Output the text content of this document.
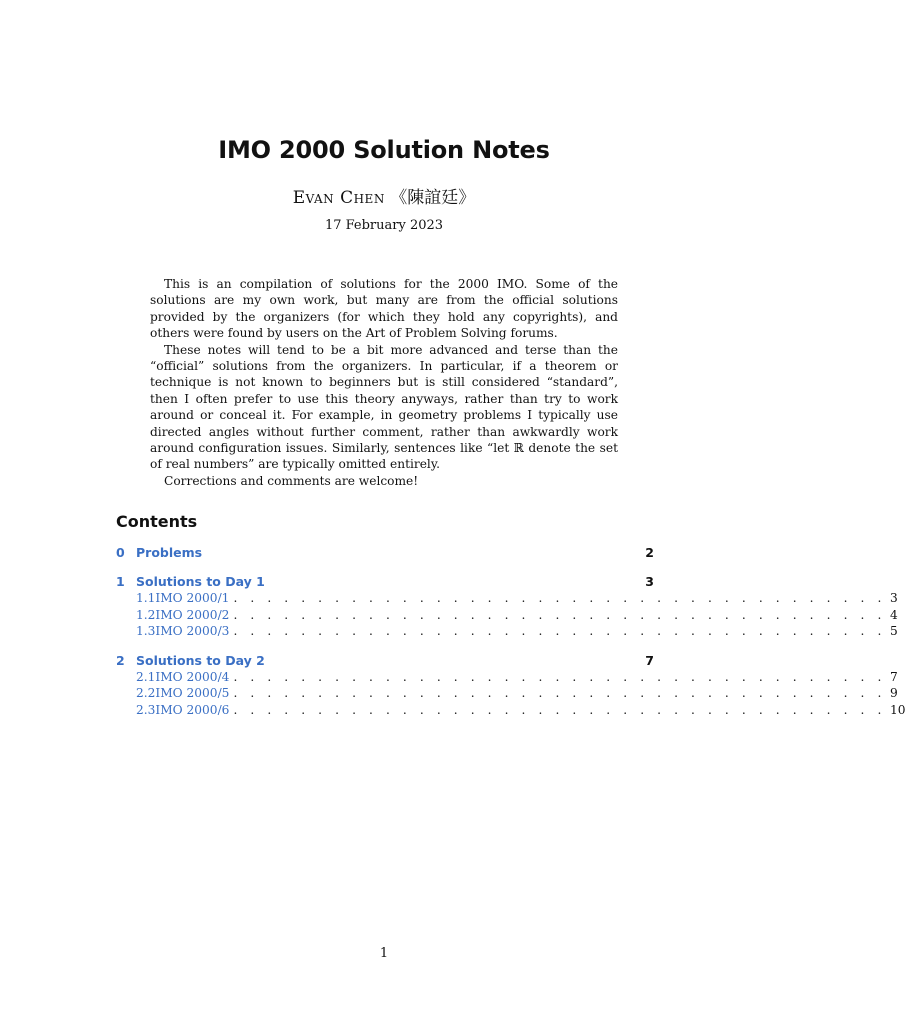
IMO 2000 Solution Notes
Evan Chen 《陳誼廷》
17 February 2023

This is an compilation of solutions for the 2000 IMO. Some of the solutions are my own work, but many are from the official solutions provided by the organizers (for which they hold any copyrights), and others were found by users on the Art of Problem Solving forums.

These notes will tend to be a bit more advanced and terse than the “official” solutions from the organizers. In particular, if a theorem or technique is not known to beginners but is still considered “standard”, then I often prefer to use this theory anyways, rather than try to work around or conceal it. For example, in geometry problems I typically use directed angles without further comment, rather than awkwardly work around configuration issues. Similarly, sentences like “let ℝ denote the set of real numbers” are typically omitted entirely.

Corrections and comments are welcome!

Contents
0 Problems	2
1 Solutions to Day 1	3
1.1 IMO 2000/1 . . . . . . . . . . . . . . . . . . . . . . . . . . . . . . . . . . . . . . . 3
1.2 IMO 2000/2 . . . . . . . . . . . . . . . . . . . . . . . . . . . . . . . . . . . . . . . 4
1.3 IMO 2000/3 . . . . . . . . . . . . . . . . . . . . . . . . . . . . . . . . . . . . . . . 5
2 Solutions to Day 2	7
2.1 IMO 2000/4 . . . . . . . . . . . . . . . . . . . . . . . . . . . . . . . . . . . . . . . 7
2.2 IMO 2000/5 . . . . . . . . . . . . . . . . . . . . . . . . . . . . . . . . . . . . . . . 9
2.3 IMO 2000/6 . . . . . . . . . . . . . . . . . . . . . . . . . . . . . . . . . . . . . . . 10
1
